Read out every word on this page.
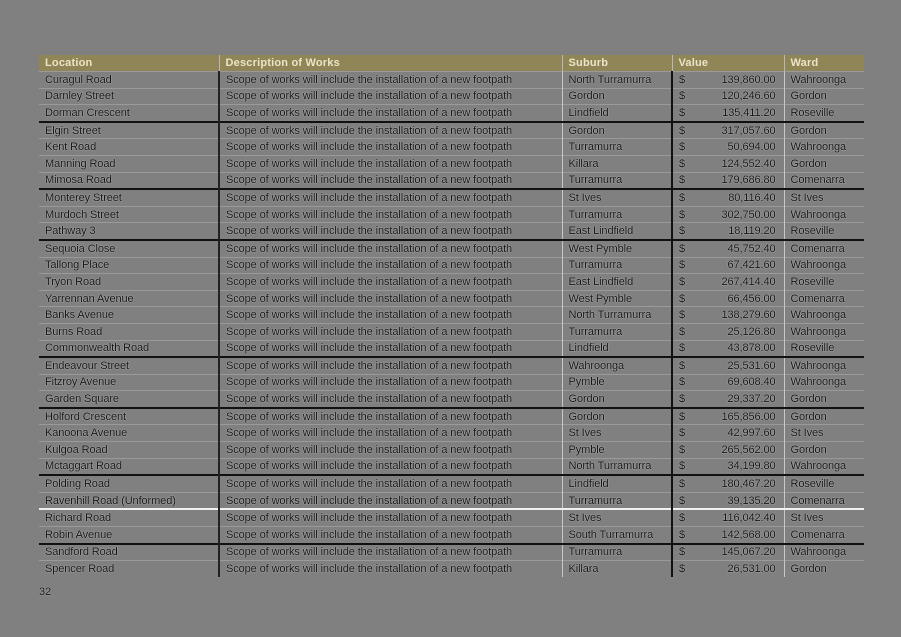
Location	Description of Works	Suburb	Value	Ward
Curagul Road	Scope of works will include the installation of a new footpath	North Turramurra	$ 139,860.00	Wahroonga
Darnley Street	Scope of works will include the installation of a new footpath	Gordon	$ 120,246.60	Gordon
Dorman Crescent	Scope of works will include the installation of a new footpath	Lindfield	$ 135,411.20	Roseville
Elgin Street	Scope of works will include the installation of a new footpath	Gordon	$ 317,057.60	Gordon
Kent Road	Scope of works will include the installation of a new footpath	Turramurra	$ 50,694.00	Wahroonga
Manning Road	Scope of works will include the installation of a new footpath	Killara	$ 124,552.40	Gordon
Mimosa Road	Scope of works will include the installation of a new footpath	Turramurra	$ 179,686.80	Comenarra
Monterey Street	Scope of works will include the installation of a new footpath	St Ives	$ 80,116.40	St Ives
Murdoch Street	Scope of works will include the installation of a new footpath	Turramurra	$ 302,750.00	Wahroonga
Pathway 3	Scope of works will include the installation of a new footpath	East Lindfield	$ 18,119.20	Roseville
Sequoia Close	Scope of works will include the installation of a new footpath	West Pymble	$ 45,752.40	Comenarra
Tallong Place	Scope of works will include the installation of a new footpath	Turramurra	$ 67,421.60	Wahroonga
Tryon Road	Scope of works will include the installation of a new footpath	East Lindfield	$ 267,414.40	Roseville
Yarrennan Avenue	Scope of works will include the installation of a new footpath	West Pymble	$ 66,456.00	Comenarra
Banks Avenue	Scope of works will include the installation of a new footpath	North Turramurra	$ 138,279.60	Wahroonga
Burns Road	Scope of works will include the installation of a new footpath	Turramurra	$ 25,126.80	Wahroonga
Commonwealth Road	Scope of works will include the installation of a new footpath	Lindfield	$ 43,878.00	Roseville
Endeavour Street	Scope of works will include the installation of a new footpath	Wahroonga	$ 25,531.60	Wahroonga
Fitzroy Avenue	Scope of works will include the installation of a new footpath	Pymble	$ 69,608.40	Wahroonga
Garden Square	Scope of works will include the installation of a new footpath	Gordon	$ 29,337.20	Gordon
Holford Crescent	Scope of works will include the installation of a new footpath	Gordon	$ 165,856.00	Gordon
Kanoona Avenue	Scope of works will include the installation of a new footpath	St Ives	$ 42,997.60	St Ives
Kulgoa Road	Scope of works will include the installation of a new footpath	Pymble	$ 265,562.00	Gordon
Mctaggart Road	Scope of works will include the installation of a new footpath	North Turramurra	$ 34,199.80	Wahroonga
Polding Road	Scope of works will include the installation of a new footpath	Lindfield	$ 180,467.20	Roseville
Ravenhill Road (Unformed)	Scope of works will include the installation of a new footpath	Turramurra	$ 39,135.20	Comenarra
Richard Road	Scope of works will include the installation of a new footpath	St Ives	$ 116,042.40	St Ives
Robin Avenue	Scope of works will include the installation of a new footpath	South Turramurra	$ 142,568.00	Comenarra
Sandford Road	Scope of works will include the installation of a new footpath	Turramurra	$ 145,067.20	Wahroonga
Spencer Road	Scope of works will include the installation of a new footpath	Killara	$ 26,531.00	Gordon
32
